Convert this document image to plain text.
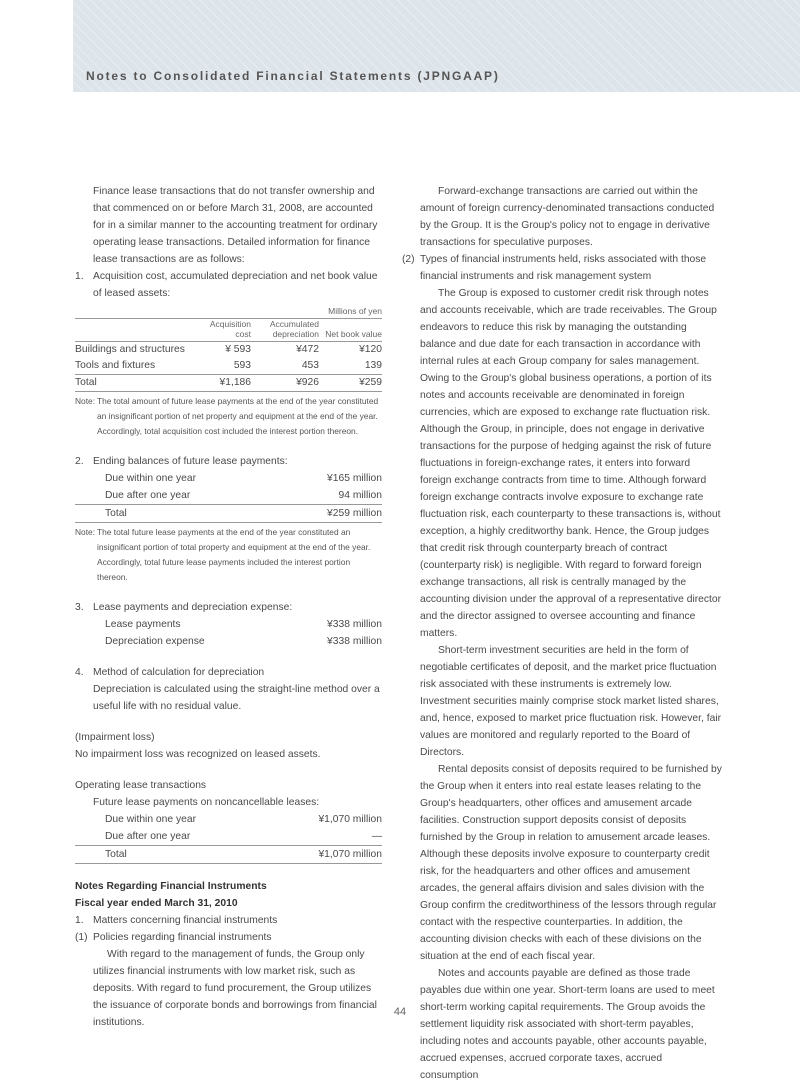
Notes to Consolidated Financial Statements (JPNGAAP)

Finance lease transactions that do not transfer ownership and that commenced on or before March 31, 2008, are accounted for in a similar manner to the accounting treatment for ordinary operating lease transactions. Detailed information for finance lease transactions are as follows:

1. Acquisition cost, accumulated depreciation and net book value of leased assets:
Millions of yen			
	Acquisition cost	Accumulated depreciation	Net book value
Buildings and structures	¥ 593	¥472	¥120
Tools and fixtures	593	453	139
Total	¥1,186	¥926	¥259
Note: The total amount of future lease payments at the end of the year constituted an insignificant portion of net property and equipment at the end of the year. Accordingly, total acquisition cost included the interest portion thereon.
2. Ending balances of future lease payments:
Due within one year	¥165 million
Due after one year	94 million
Total	¥259 million
Note: The total future lease payments at the end of the year constituted an insignificant portion of total property and equipment at the end of the year. Accordingly, total future lease payments included the interest portion thereon.
3. Lease payments and depreciation expense:
Lease payments	¥338 million
Depreciation expense	¥338 million
4. Method of calculation for depreciation

Depreciation is calculated using the straight-line method over a useful life with no residual value.

(Impairment loss)

No impairment loss was recognized on leased assets.

Operating lease transactions

Future lease payments on noncancellable leases:

Due within one year	¥1,070 million
Due after one year	—
Total	¥1,070 million

Notes Regarding Financial Instruments

Fiscal year ended March 31, 2010

1. Matters concerning financial instruments
(1) Policies regarding financial instruments

With regard to the management of funds, the Group only utilizes financial instruments with low market risk, such as deposits. With regard to fund procurement, the Group utilizes the issuance of corporate bonds and borrowings from financial institutions.

Forward-exchange transactions are carried out within the amount of foreign currency-denominated transactions conducted by the Group. It is the Group's policy not to engage in derivative transactions for speculative purposes.

(2) Types of financial instruments held, risks associated with those financial instruments and risk management system

The Group is exposed to customer credit risk through notes and accounts receivable, which are trade receivables. The Group endeavors to reduce this risk by managing the outstanding balance and due date for each transaction in accordance with internal rules at each Group company for sales management. Owing to the Group's global business operations, a portion of its notes and accounts receivable are denominated in foreign currencies, which are exposed to exchange rate fluctuation risk. Although the Group, in principle, does not engage in derivative transactions for the purpose of hedging against the risk of future fluctuations in foreign-exchange rates, it enters into forward foreign exchange contracts from time to time. Although forward foreign exchange contracts involve exposure to exchange rate fluctuation risk, each counterparty to these transactions is, without exception, a highly creditworthy bank. Hence, the Group judges that credit risk through counterparty breach of contract (counterparty risk) is negligible. With regard to forward foreign exchange transactions, all risk is centrally managed by the accounting division under the approval of a representative director and the director assigned to oversee accounting and finance matters.

Short-term investment securities are held in the form of negotiable certificates of deposit, and the market price fluctuation risk associated with these instruments is extremely low. Investment securities mainly comprise stock market listed shares, and, hence, exposed to market price fluctuation risk. However, fair values are monitored and regularly reported to the Board of Directors.

Rental deposits consist of deposits required to be furnished by the Group when it enters into real estate leases relating to the Group's headquarters, other offices and amusement arcade facilities. Construction support deposits consist of deposits furnished by the Group in relation to amusement arcade leases. Although these deposits involve exposure to counterparty credit risk, for the headquarters and other offices and amusement arcades, the general affairs division and sales division with the Group confirm the creditworthiness of the lessors through regular contact with the respective counterparties. In addition, the accounting division checks with each of these divisions on the situation at the end of each fiscal year.

Notes and accounts payable are defined as those trade payables due within one year. Short-term loans are used to meet short-term working capital requirements. The Group avoids the settlement liquidity risk associated with short-term payables, including notes and accounts payable, other accounts payable, accrued expenses, accrued corporate taxes, accrued consumption

44
